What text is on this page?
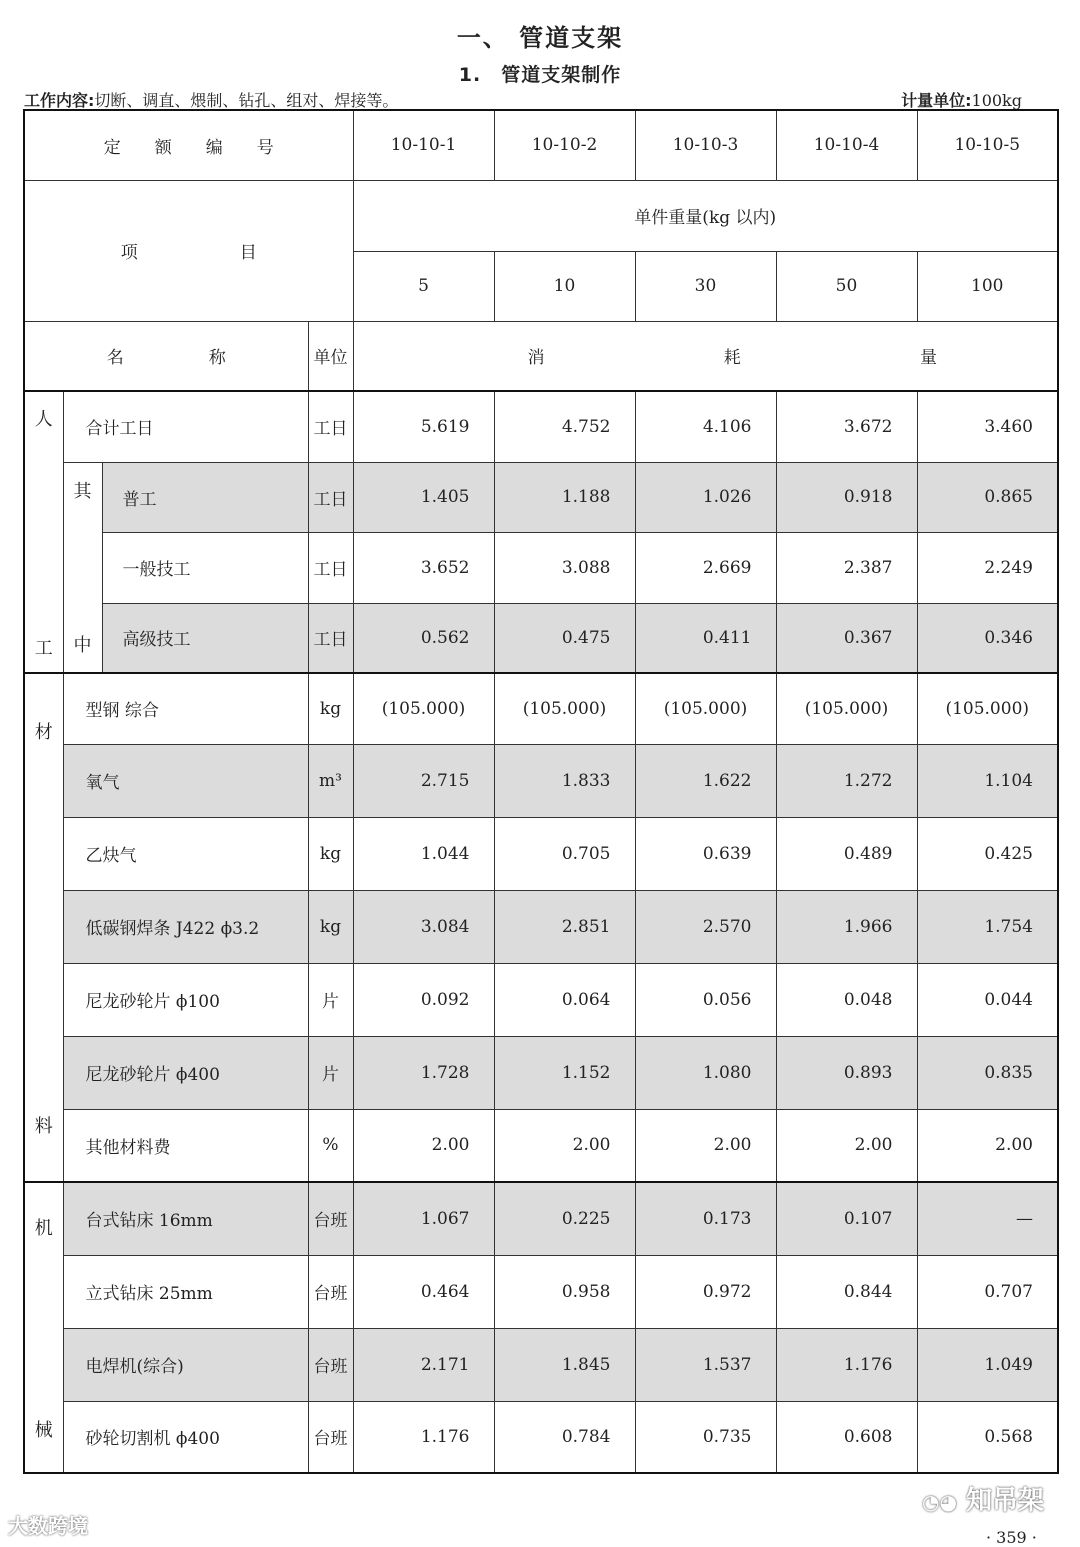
一、 管道支架
1.　管道支架制作
工作内容:切断、调直、煨制、钻孔、组对、焊接等。	计量单位:100kg
定　　额　　编　　号				10-10-1	10-10-2	10-10-3	10-10-4	10-10-5
项　　　　　　目				单件重量(kg 以内)				
				5	10	30	50	100
名　　　　　称			单位	消 耗 量				

人
工	合计工日		工日	5.619	4.752	4.106	3.672	3.460

	其
中	普工	工日	1.405	1.188	1.026	0.918	0.865
		一般技工	工日	3.652	3.088	2.669	2.387	2.249
		高级技工	工日	0.562	0.475	0.411	0.367	0.346

材
料	型钢 综合		kg	(105.000)	(105.000)	(105.000)	(105.000)	(105.000)
	氧气		m³	2.715	1.833	1.622	1.272	1.104
	乙炔气		kg	1.044	0.705	0.639	0.489	0.425
	低碳钢焊条 J422 ϕ3.2		kg	3.084	2.851	2.570	1.966	1.754
	尼龙砂轮片 ϕ100		片	0.092	0.064	0.056	0.048	0.044
	尼龙砂轮片 ϕ400		片	1.728	1.152	1.080	0.893	0.835
	其他材料费		%	2.00	2.00	2.00	2.00	2.00

机
械	台式钻床 16mm		台班	1.067	0.225	0.173	0.107	—
	立式钻床 25mm		台班	0.464	0.958	0.972	0.844	0.707
	电焊机(综合)		台班	2.171	1.845	1.537	1.176	1.049
	砂轮切割机 ϕ400		台班	1.176	0.784	0.735	0.608	0.568
◔◕ 知吊架
· 359 ·
大数跨境
